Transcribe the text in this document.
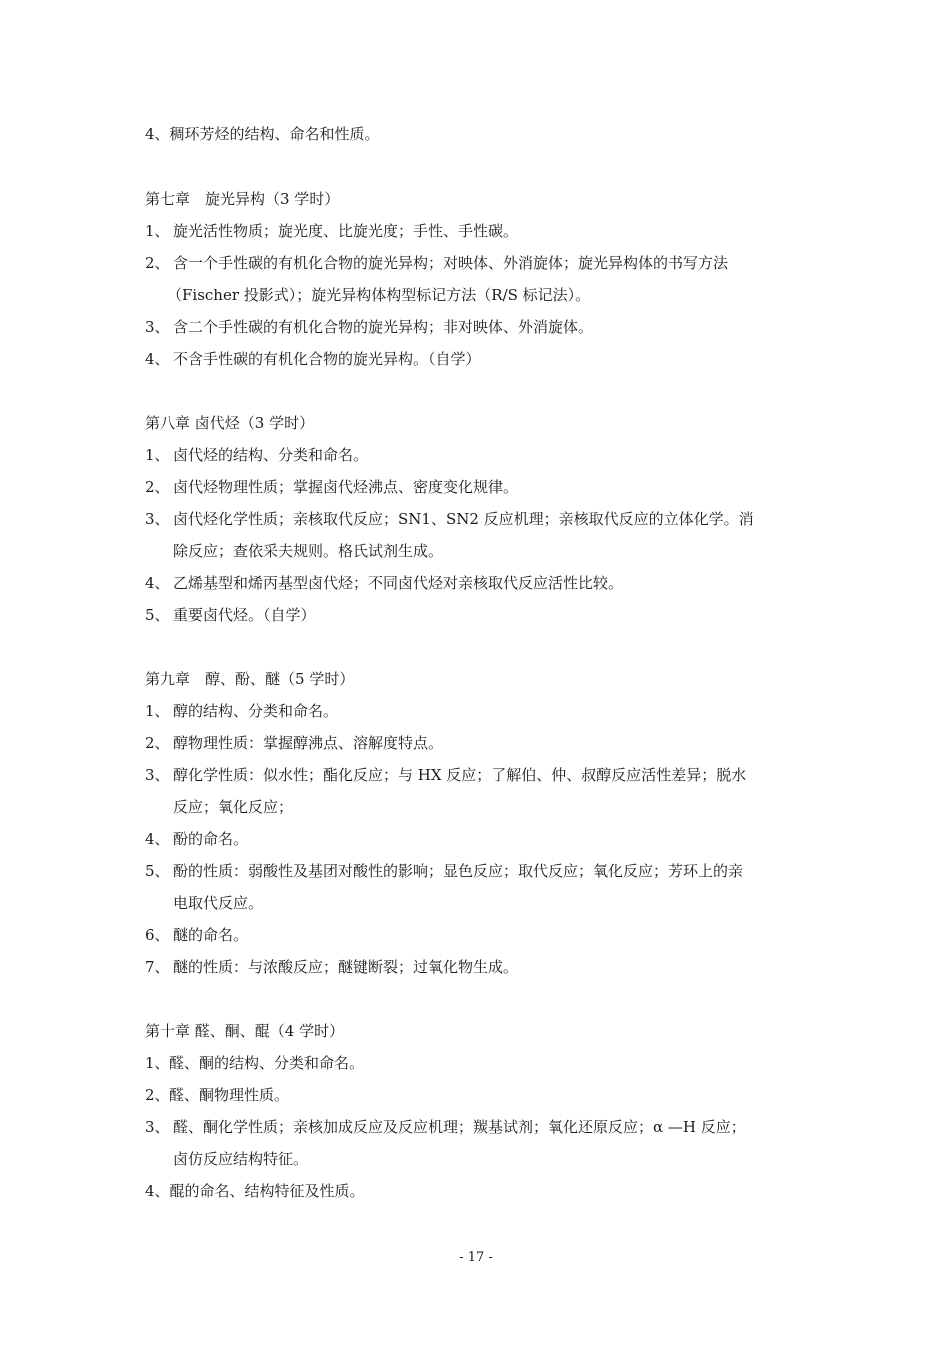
4、稠环芳烃的结构、命名和性质。
第七章　旋光异构（3 学时）
1、 旋光活性物质；旋光度、比旋光度；手性、手性碳。
2、 含一个手性碳的有机化合物的旋光异构；对映体、外消旋体；旋光异构体的书写方法
（Fischer 投影式）；旋光异构体构型标记方法（R/S 标记法）。
3、 含二个手性碳的有机化合物的旋光异构；非对映体、外消旋体。
4、 不含手性碳的有机化合物的旋光异构。（自学）
第八章 卤代烃（3 学时）
1、 卤代烃的结构、分类和命名。
2、 卤代烃物理性质；掌握卤代烃沸点、密度变化规律。
3、 卤代烃化学性质；亲核取代反应；SN1、SN2 反应机理；亲核取代反应的立体化学。消
除反应；查依采夫规则。格氏试剂生成。
4、 乙烯基型和烯丙基型卤代烃；不同卤代烃对亲核取代反应活性比较。
5、 重要卤代烃。（自学）
第九章　醇、酚、醚（5 学时）
1、 醇的结构、分类和命名。
2、 醇物理性质：掌握醇沸点、溶解度特点。
3、 醇化学性质：似水性；酯化反应；与 HX 反应；了解伯、仲、叔醇反应活性差异；脱水
反应；氧化反应；
4、 酚的命名。
5、 酚的性质：弱酸性及基团对酸性的影响；显色反应；取代反应；氧化反应；芳环上的亲
电取代反应。
6、 醚的命名。
7、 醚的性质：与浓酸反应；醚键断裂；过氧化物生成。
第十章 醛、酮、醌（4 学时）
1、 醛、酮的结构、分类和命名。
2、 醛、酮物理性质。
3、 醛、酮化学性质；亲核加成反应及反应机理；羰基试剂；氧化还原反应；α —H 反应；
卤仿反应结构特征。
4、醌的命名、结构特征及性质。
- 17 -
